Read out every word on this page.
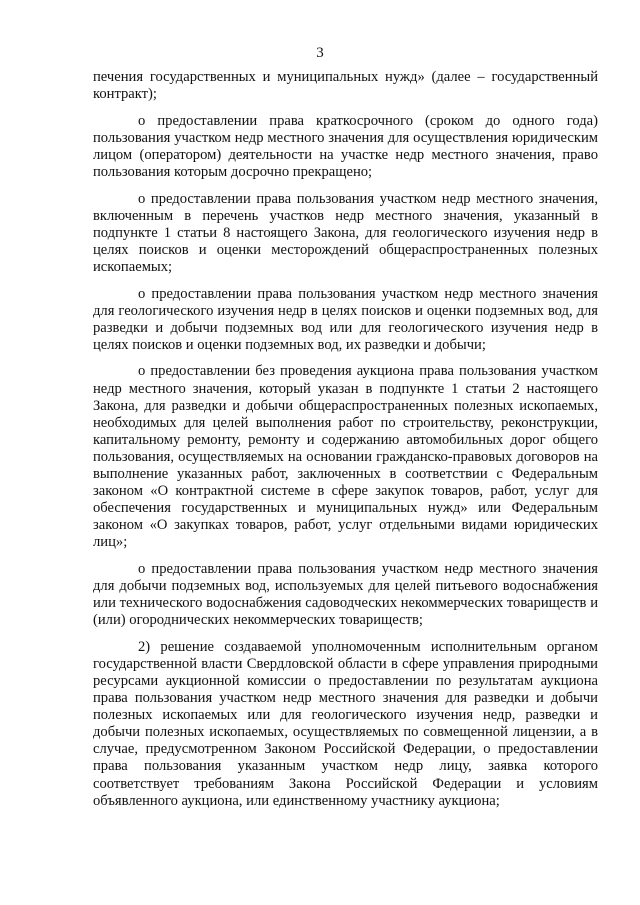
3

печения государственных и муниципальных нужд» (далее – государственный контракт);

о предоставлении права краткосрочного (сроком до одного года) пользования участком недр местного значения для осуществления юридическим лицом (оператором) деятельности на участке недр местного значения, право пользования которым досрочно прекращено;

о предоставлении права пользования участком недр местного значения, включенным в перечень участков недр местного значения, указанный в подпункте 1 статьи 8 настоящего Закона, для геологического изучения недр в целях поисков и оценки месторождений общераспространенных полезных ископаемых;

о предоставлении права пользования участком недр местного значения для геологического изучения недр в целях поисков и оценки подземных вод, для разведки и добычи подземных вод или для геологического изучения недр в целях поисков и оценки подземных вод, их разведки и добычи;

о предоставлении без проведения аукциона права пользования участком недр местного значения, который указан в подпункте 1 статьи 2 настоящего Закона, для разведки и добычи общераспространенных полезных ископаемых, необходимых для целей выполнения работ по строительству, реконструкции, капитальному ремонту, ремонту и содержанию автомобильных дорог общего пользования, осуществляемых на основании гражданско-правовых договоров на выполнение указанных работ, заключенных в соответствии с Федеральным законом «О контрактной системе в сфере закупок товаров, работ, услуг для обеспечения государственных и муниципальных нужд» или Федеральным законом «О закупках товаров, работ, услуг отдельными видами юридических лиц»;

о предоставлении права пользования участком недр местного значения для добычи подземных вод, используемых для целей питьевого водоснабжения или технического водоснабжения садоводческих некоммерческих товариществ и (или) огороднических некоммерческих товариществ;

2) решение создаваемой уполномоченным исполнительным органом государственной власти Свердловской области в сфере управления природными ресурсами аукционной комиссии о предоставлении по результатам аукциона права пользования участком недр местного значения для разведки и добычи полезных ископаемых или для геологического изучения недр, разведки и добычи полезных ископаемых, осуществляемых по совмещенной лицензии, а в случае, предусмотренном Законом Российской Федерации, о предоставлении права пользования указанным участком недр лицу, заявка которого соответствует требованиям Закона Российской Федерации и условиям объявленного аукциона, или единственному участнику аукциона;
